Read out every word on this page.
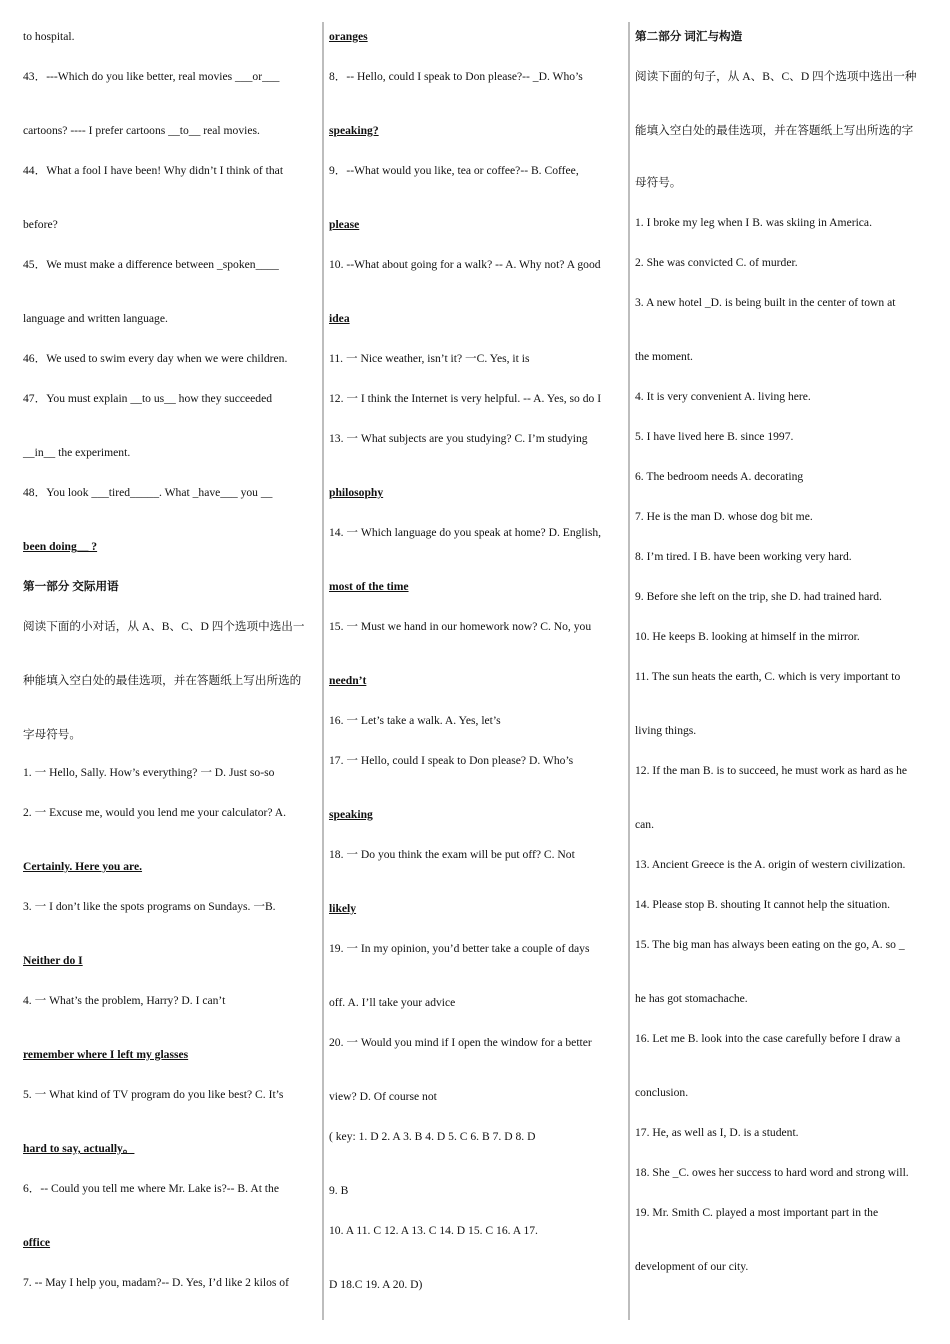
to hospital.

43．---Which do you like better, real movies ___or___

cartoons? ---- I prefer cartoons __to__ real movies.

44．What a fool I have been! Why didn’t I think of that

before?

45．We must make a difference between _spoken____

language and written language.

46．We used to swim every day when we were children.

47．You must explain __to us__ how they succeeded

__in__ the experiment.

48．You look ___tired_____. What _have___ you __

been doing__ ?

第一部分 交际用语

阅读下面的小对话，从 A、B、C、D 四个选项中选出一

种能填入空白处的最佳选项，并在答题纸上写出所选的

字母符号。

1. 一 Hello, Sally. How’s everything? 一 D. Just so-so

2. 一 Excuse me, would you lend me your calculator? A.

Certainly. Here you are.

3. 一 I don’t like the spots programs on Sundays. 一B.

Neither do I

4. 一 What’s the problem, Harry? D. I can’t

remember where I left my glasses

5. 一 What kind of TV program do you like best? C. It’s

hard to say, actually。

6．-- Could you tell me where Mr. Lake is?-- B. At the

office

7. -- May I help you, madam?-- D. Yes, I’d like 2 kilos of

oranges

8．-- Hello, could I speak to Don please?-- _D. Who’s

speaking?

9．--What would you like, tea or coffee?-- B. Coffee,

please

10. --What about going for a walk? -- A. Why not? A good

idea

11. 一 Nice weather, isn’t it? 一C. Yes, it is

12. 一 I think the Internet is very helpful. -- A. Yes, so do I

13. 一 What subjects are you studying? C. I’m studying

philosophy

14. 一 Which language do you speak at home? D. English,

most of the time

15. 一 Must we hand in our homework now? C. No, you

needn’t

16. 一 Let’s take a walk. A. Yes, let’s

17. 一 Hello, could I speak to Don please? D. Who’s

speaking

18. 一 Do you think the exam will be put off? C. Not

likely

19. 一 In my opinion, you’d better take a couple of days

off. A. I’ll take your advice

20. 一 Would you mind if I open the window for a better

view? D. Of course not

( key: 1. D 2. A 3. B 4. D 5. C 6. B 7. D 8. D

9. B

10. A 11. C 12. A 13. C 14. D 15. C 16. A 17.

D 18.C 19. A 20. D)

第二部分 词汇与构造

阅读下面的句子，从 A、B、C、D 四个选项中选出一种

能填入空白处的最佳选项，并在答题纸上写出所选的字

母符号。

1. I broke my leg when I B. was skiing in America.

2. She was convicted C. of murder.

3. A new hotel _D. is being built in the center of town at

the moment.

4. It is very convenient A. living here.

5. I have lived here B. since 1997.

6. The bedroom needs A. decorating

7. He is the man D. whose dog bit me.

8. I’m tired. I B. have been working very hard.

9. Before she left on the trip, she D. had trained hard.

10. He keeps B. looking at himself in the mirror.

11. The sun heats the earth, C. which is very important to

living things.

12. If the man B. is to succeed, he must work as hard as he

can.

13. Ancient Greece is the A. origin of western civilization.

14. Please stop B. shouting It cannot help the situation.

15. The big man has always been eating on the go, A. so _

he has got stomachache.

16. Let me B. look into the case carefully before I draw a

conclusion.

17. He, as well as I, D. is a student.

18. She _C. owes her success to hard word and strong will.

19. Mr. Smith C. played a most important part in the

development of our city.
